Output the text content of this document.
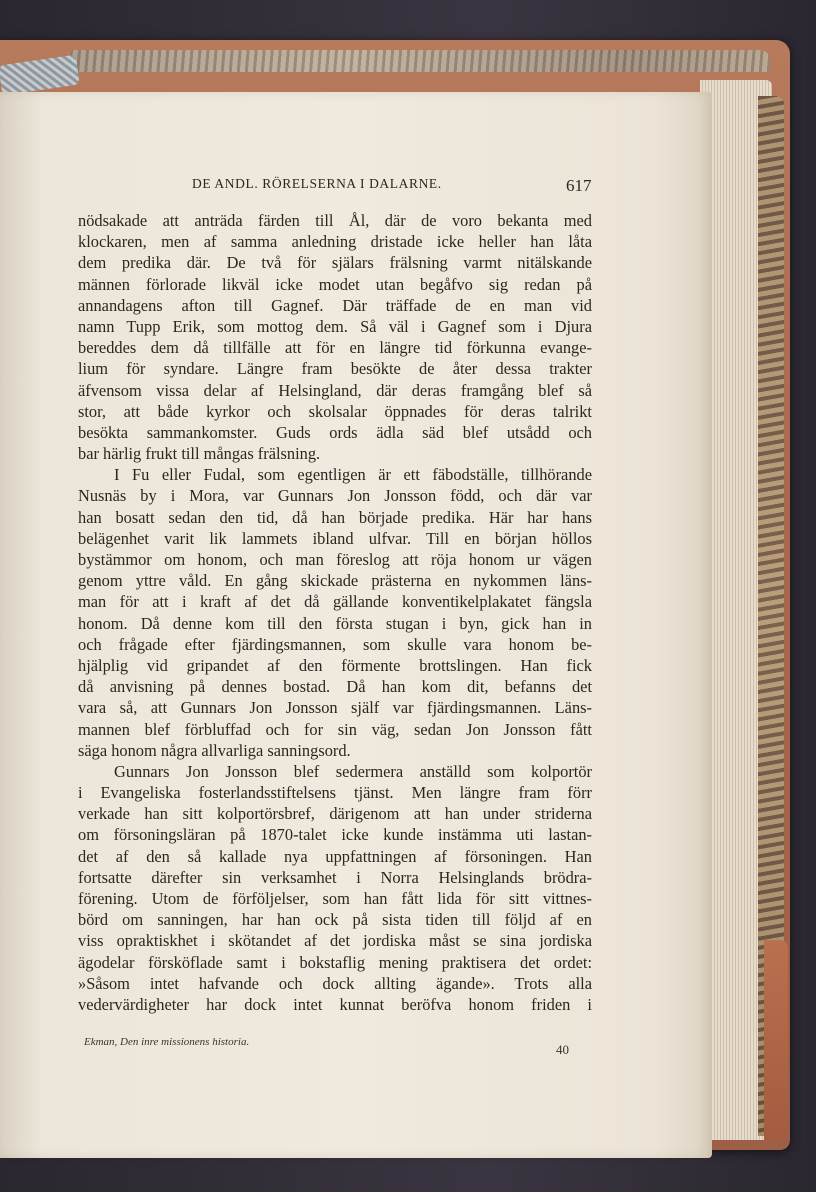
DE ANDL. RÖRELSERNA I DALARNE.	617
nödsakade att anträda färden till Ål, där de voro bekanta med
klockaren, men af samma anledning dristade icke heller han låta
dem predika där. De två för själars frälsning varmt nitälskande
männen förlorade likväl icke modet utan begåfvo sig redan på
annandagens afton till Gagnef. Där träffade de en man vid
namn Tupp Erik, som mottog dem. Så väl i Gagnef som i Djura
bereddes dem då tillfälle att för en längre tid förkunna evange-
lium för syndare. Längre fram besökte de åter dessa trakter
äfvensom vissa delar af Helsingland, där deras framgång blef så
stor, att både kyrkor och skolsalar öppnades för deras talrikt
besökta sammankomster. Guds ords ädla säd blef utsådd och
bar härlig frukt till mångas frälsning.
I Fu eller Fudal, som egentligen är ett fäbodställe, tillhörande
Nusnäs by i Mora, var Gunnars Jon Jonsson född, och där var
han bosatt sedan den tid, då han började predika. Här har hans
belägenhet varit lik lammets ibland ulfvar. Till en början höllos
bystämmor om honom, och man föreslog att röja honom ur vägen
genom yttre våld. En gång skickade prästerna en nykommen läns-
man för att i kraft af det då gällande konventikelplakatet fängsla
honom. Då denne kom till den första stugan i byn, gick han in
och frågade efter fjärdingsmannen, som skulle vara honom be-
hjälplig vid gripandet af den förmente brottslingen. Han fick
då anvisning på dennes bostad. Då han kom dit, befanns det
vara så, att Gunnars Jon Jonsson själf var fjärdingsmannen. Läns-
mannen blef förbluffad och for sin väg, sedan Jon Jonsson fått
säga honom några allvarliga sanningsord.
Gunnars Jon Jonsson blef sedermera anställd som kolportör
i Evangeliska fosterlandsstiftelsens tjänst. Men längre fram förr
verkade han sitt kolportörsbref, därigenom att han under striderna
om försoningsläran på 1870-talet icke kunde instämma uti lastan-
det af den så kallade nya uppfattningen af försoningen. Han
fortsatte därefter sin verksamhet i Norra Helsinglands brödra-
förening. Utom de förföljelser, som han fått lida för sitt vittnes-
börd om sanningen, har han ock på sista tiden till följd af en
viss opraktiskhet i skötandet af det jordiska måst se sina jordiska
ägodelar försköflade samt i bokstaflig mening praktisera det ordet:
»Såsom intet hafvande och dock allting ägande». Trots alla
vedervärdigheter har dock intet kunnat beröfva honom friden i
Ekman, Den inre missionens historia.	40
